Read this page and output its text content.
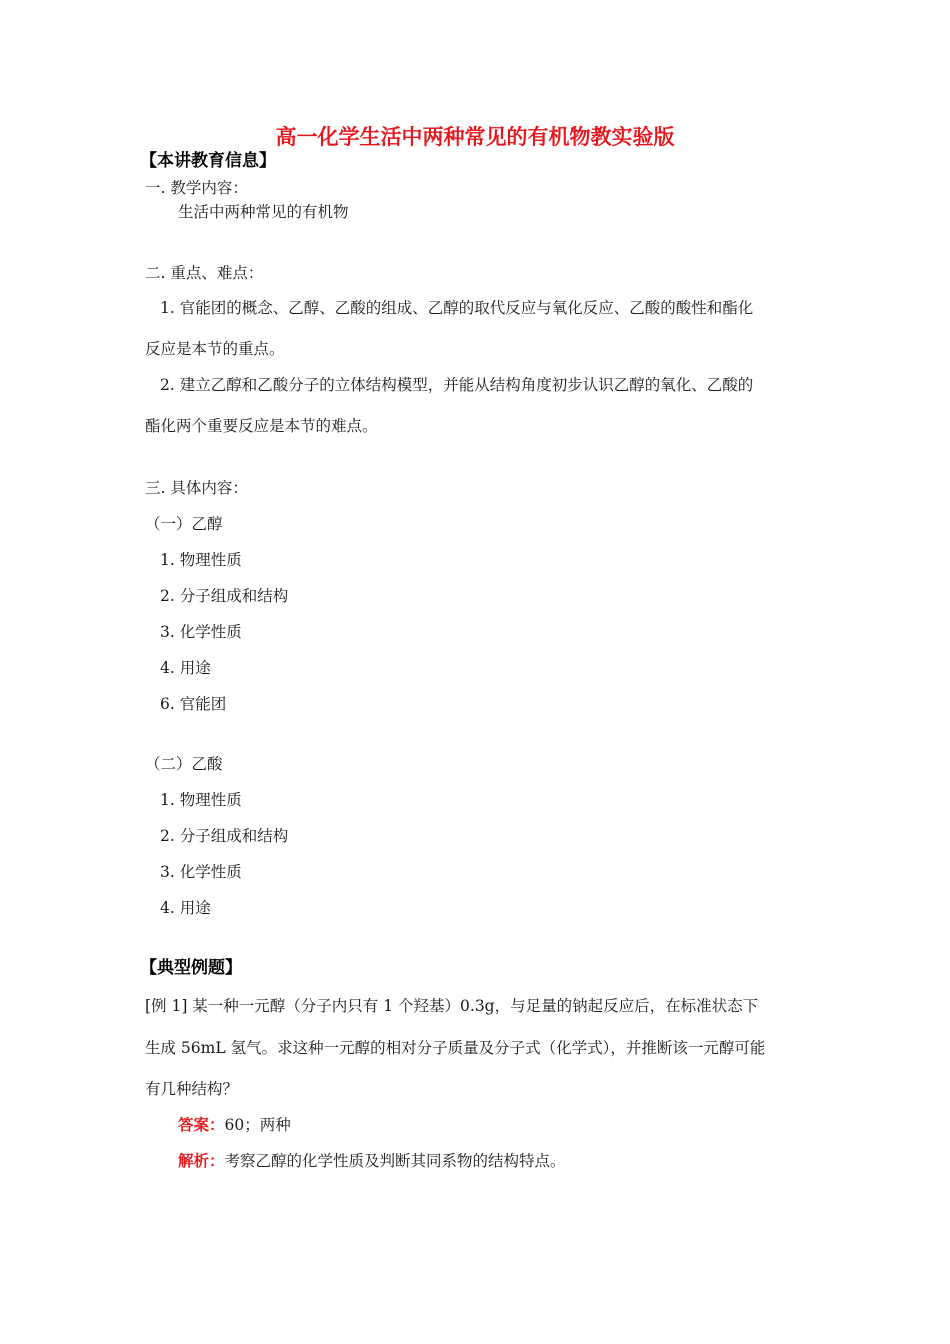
高一化学生活中两种常见的有机物教实验版
【本讲教育信息】
一. 教学内容：
生活中两种常见的有机物
二. 重点、难点：
1. 官能团的概念、乙醇、乙酸的组成、乙醇的取代反应与氧化反应、乙酸的酸性和酯化
反应是本节的重点。
2. 建立乙醇和乙酸分子的立体结构模型，并能从结构角度初步认识乙醇的氧化、乙酸的
酯化两个重要反应是本节的难点。
三. 具体内容：
（一）乙醇
1. 物理性质
2. 分子组成和结构
3. 化学性质
4. 用途
6. 官能团
（二）乙酸
1. 物理性质
2. 分子组成和结构
3. 化学性质
4. 用途
【典型例题】
[例 1] 某一种一元醇（分子内只有 1 个羟基）0.3g，与足量的钠起反应后，在标准状态下
生成 56mL 氢气。求这种一元醇的相对分子质量及分子式（化学式），并推断该一元醇可能
有几种结构？
答案：60；两种
解析：考察乙醇的化学性质及判断其同系物的结构特点。
